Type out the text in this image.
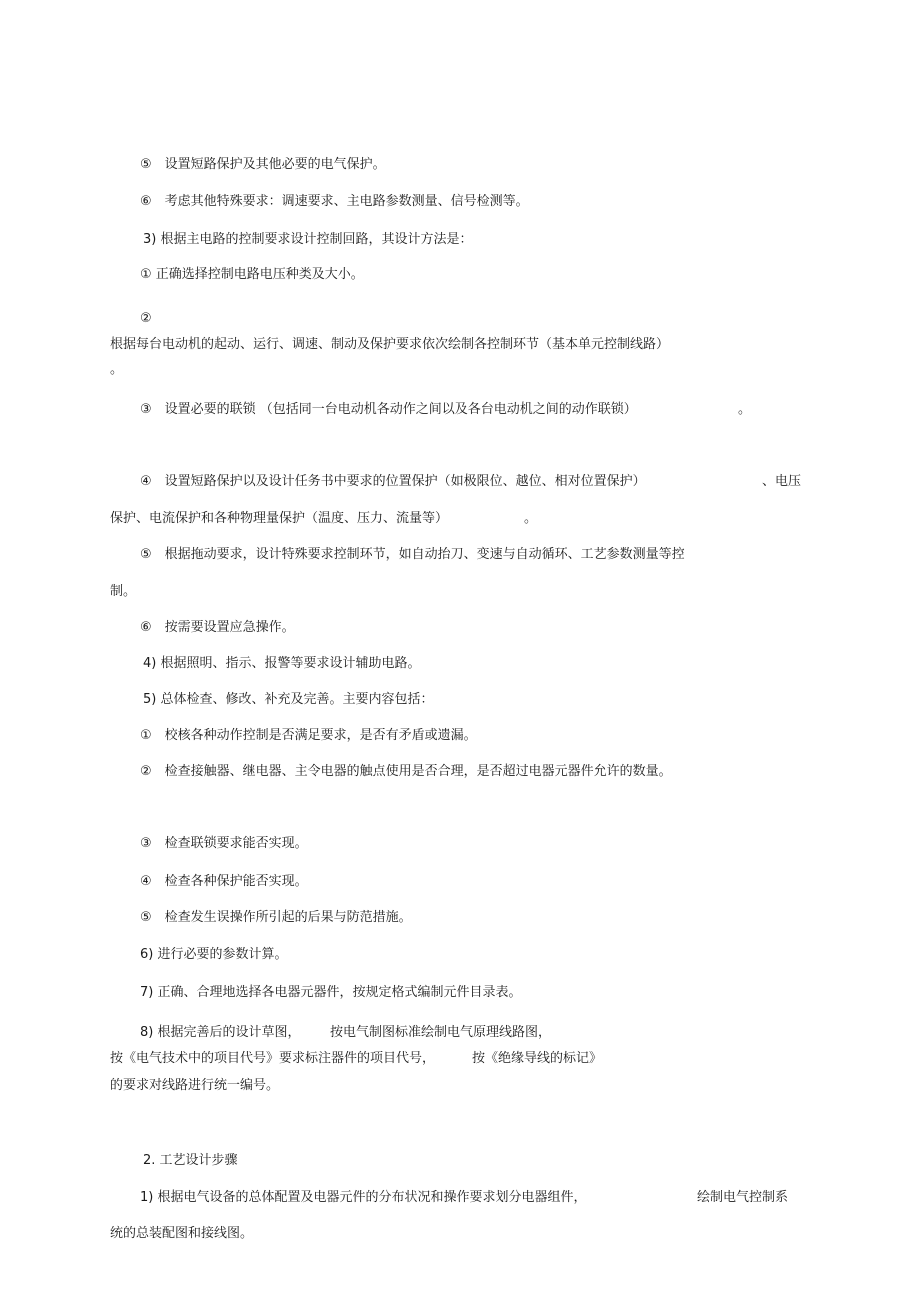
⑤　设置短路保护及其他必要的电气保护。
⑥　考虑其他特殊要求：调速要求、主电路参数测量、信号检测等。
3) 根据主电路的控制要求设计控制回路，其设计方法是：
① 正确选择控制电路电压种类及大小。
②
根据每台电动机的起动、运行、调速、制动及保护要求依次绘制各控制环节（基本单元控制线路）
。
③　设置必要的联锁 （包括同一台电动机各动作之间以及各台电动机之间的动作联锁）	。
④　设置短路保护以及设计任务书中要求的位置保护（如极限位、越位、相对位置保护）	、电压
保护、电流保护和各种物理量保护（温度、压力、流量等）	。
⑤　根据拖动要求，设计特殊要求控制环节，如自动抬刀、变速与自动循环、工艺参数测量等控
制。
⑥　按需要设置应急操作。
4) 根据照明、指示、报警等要求设计辅助电路。
5) 总体检查、修改、补充及完善。主要内容包括：
①　校核各种动作控制是否满足要求，是否有矛盾或遗漏。
②　检查接触器、继电器、主令电器的触点使用是否合理，是否超过电器元器件允许的数量。
③　检查联锁要求能否实现。
④　检查各种保护能否实现。
⑤　检查发生误操作所引起的后果与防范措施。
6) 进行必要的参数计算。
7) 正确、合理地选择各电器元器件，按规定格式编制元件目录表。
8) 根据完善后的设计草图， 按电气制图标准绘制电气原理线路图，
按《电气技术中的项目代号》要求标注器件的项目代号，	按《绝缘导线的标记》
的要求对线路进行统一编号。
2. 工艺设计步骤
1) 根据电气设备的总体配置及电器元件的分布状况和操作要求划分电器组件，	绘制电气控制系
统的总装配图和接线图。
